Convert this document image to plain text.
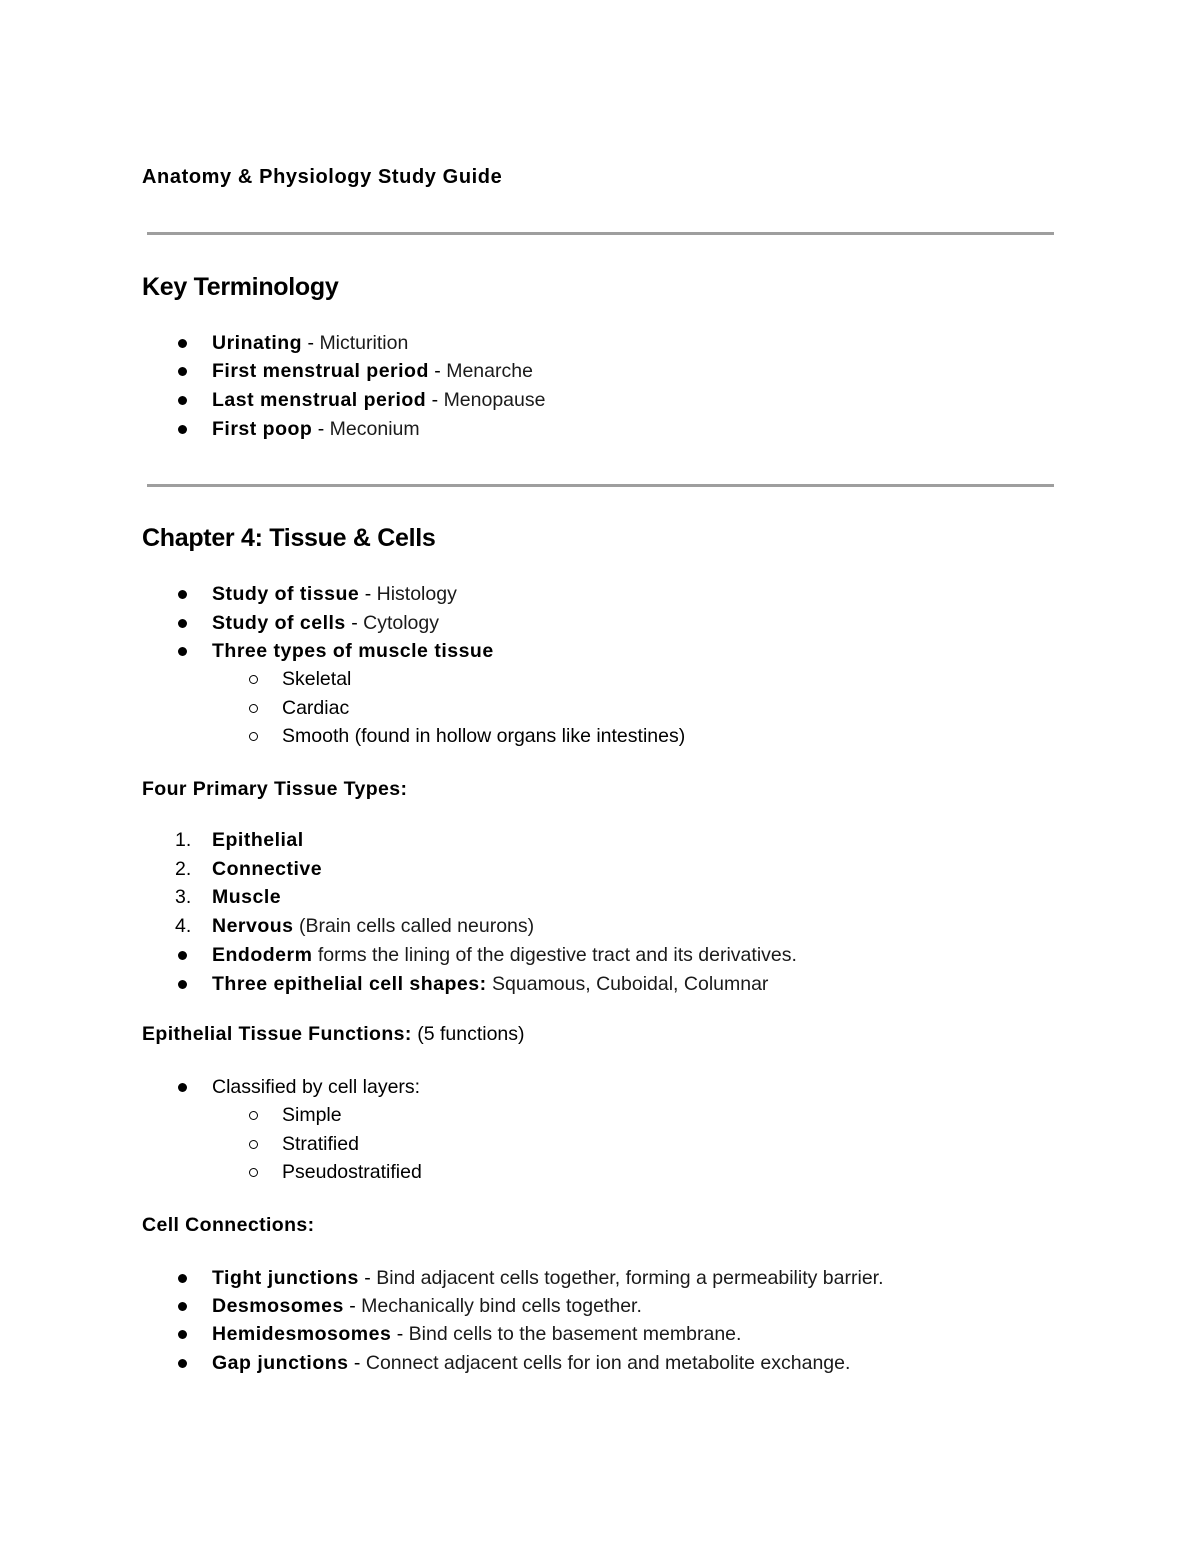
Anatomy & Physiology Study Guide
Key Terminology
Urinating - Micturition
First menstrual period - Menarche
Last menstrual period - Menopause
First poop - Meconium
Chapter 4: Tissue & Cells
Study of tissue - Histology
Study of cells - Cytology
Three types of muscle tissue
Skeletal
Cardiac
Smooth (found in hollow organs like intestines)
Four Primary Tissue Types:
1. Epithelial
2. Connective
3. Muscle
4. Nervous (Brain cells called neurons)
Endoderm forms the lining of the digestive tract and its derivatives.
Three epithelial cell shapes: Squamous, Cuboidal, Columnar
Epithelial Tissue Functions: (5 functions)
Classified by cell layers:
Simple
Stratified
Pseudostratified
Cell Connections:
Tight junctions - Bind adjacent cells together, forming a permeability barrier.
Desmosomes - Mechanically bind cells together.
Hemidesmosomes - Bind cells to the basement membrane.
Gap junctions - Connect adjacent cells for ion and metabolite exchange.
